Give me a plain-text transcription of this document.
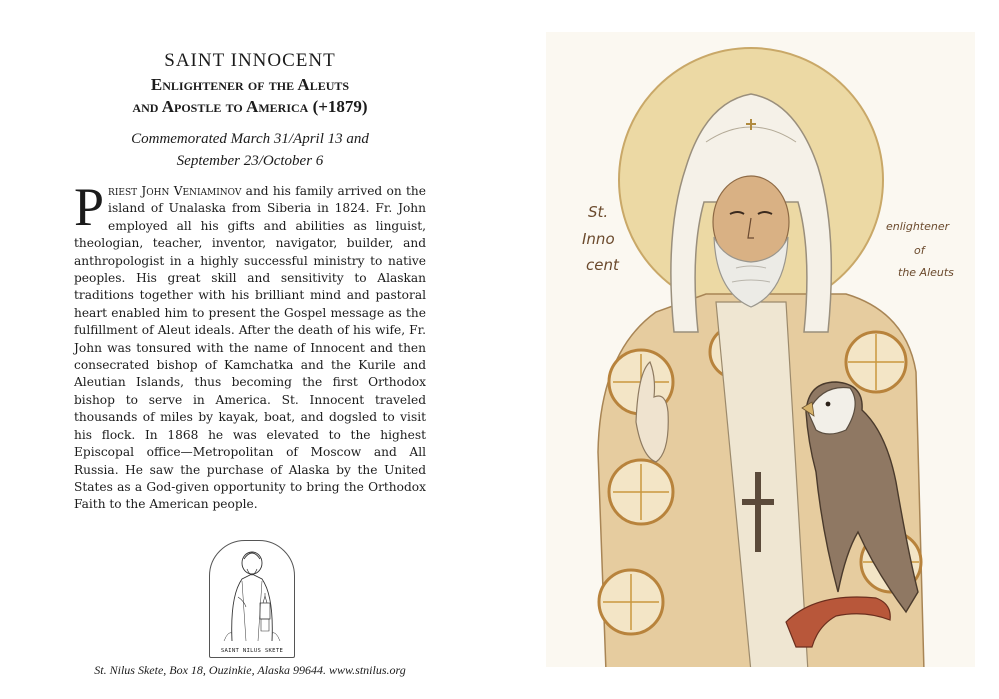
SAINT INNOCENT
Enlightener of the Aleuts
and Apostle to America (+1879)
Commemorated March 31/April 13 and
September 23/October 6
Priest John Veniaminov and his family arrived on the island of Unalaska from Siberia in 1824. Fr. John employed all his gifts and abilities as linguist, theologian, teacher, inventor, navigator, builder, and anthropologist in a highly successful ministry to native peoples. His great skill and sensitivity to Alaskan traditions together with his brilliant mind and pastoral heart enabled him to present the Gospel message as the fulfillment of Aleut ideals. After the death of his wife, Fr. John was tonsured with the name of Innocent and then consecrated bishop of Kamchatka and the Kurile and Aleutian Islands, thus becoming the first Orthodox bishop to serve in America. St. Innocent traveled thousands of miles by kayak, boat, and dogsled to visit his flock. In 1868 he was elevated to the highest Episcopal office—Metropolitan of Moscow and All Russia. He saw the purchase of Alaska by the United States as a God-given opportunity to bring the Orthodox Faith to the American people.
SAINT NILUS SKETE
St. Nilus Skete, Box 18, Ouzinkie, Alaska 99644. www.stnilus.org
St.
Inno
cent
enlightener
of
the Aleuts
